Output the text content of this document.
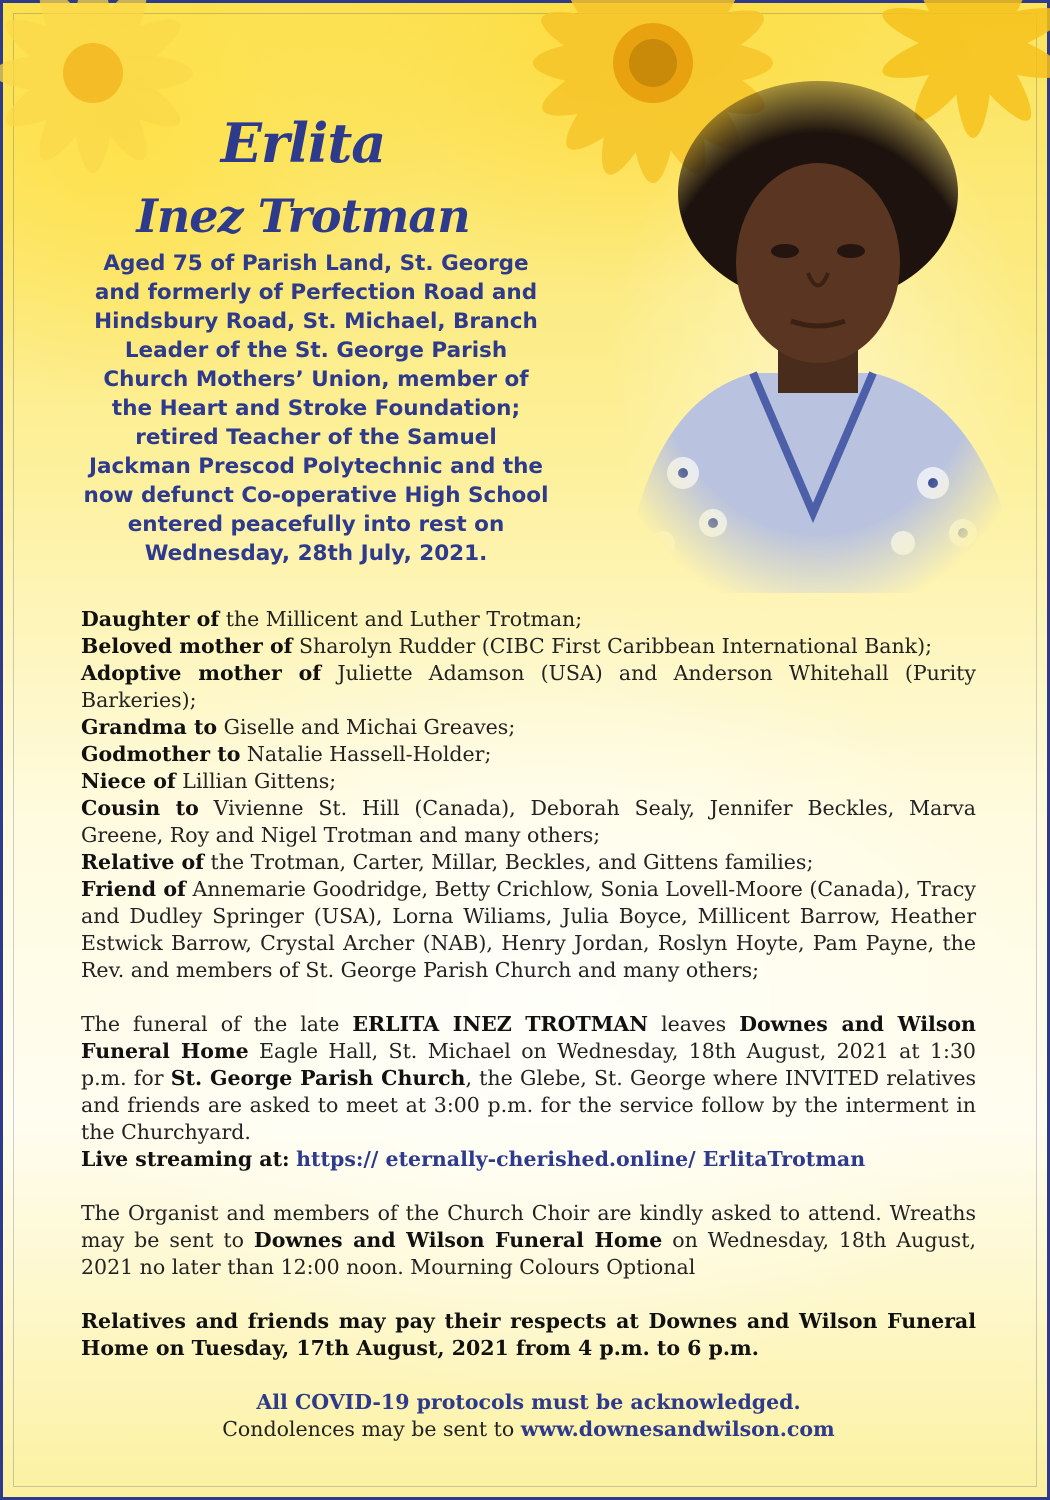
Erlita
Inez Trotman

Aged 75 of Parish Land, St. George and formerly of Perfection Road and Hindsbury Road, St. Michael, Branch Leader of the St. George Parish Church Mothers’ Union, member of the Heart and Stroke Foundation; retired Teacher of the Samuel Jackman Prescod Polytechnic and the now defunct Co-operative High School entered peacefully into rest on Wednesday, 28th July, 2021.

Daughter of the Millicent and Luther Trotman;
Beloved mother of Sharolyn Rudder (CIBC First Caribbean International Bank);
Adoptive mother of Juliette Adamson (USA) and Anderson Whitehall (Purity Barkeries);
Grandma to Giselle and Michai Greaves;
Godmother to Natalie Hassell-Holder;
Niece of Lillian Gittens;
Cousin to Vivienne St. Hill (Canada), Deborah Sealy, Jennifer Beckles, Marva Greene, Roy and Nigel Trotman and many others;
Relative of the Trotman, Carter, Millar, Beckles, and Gittens families;
Friend of Annemarie Goodridge, Betty Crichlow, Sonia Lovell-Moore (Canada), Tracy and Dudley Springer (USA), Lorna Wiliams, Julia Boyce, Millicent Barrow, Heather Estwick Barrow, Crystal Archer (NAB), Henry Jordan, Roslyn Hoyte, Pam Payne, the Rev. and members of St. George Parish Church and many others;

The funeral of the late ERLITA INEZ TROTMAN leaves Downes and Wilson Funeral Home Eagle Hall, St. Michael on Wednesday, 18th August, 2021 at 1:30 p.m. for St. George Parish Church, the Glebe, St. George where INVITED relatives and friends are asked to meet at 3:00 p.m. for the service follow by the interment in the Churchyard.
Live streaming at: https:// eternally-cherished.online/ ErlitaTrotman

The Organist and members of the Church Choir are kindly asked to attend. Wreaths may be sent to Downes and Wilson Funeral Home on Wednesday, 18th August, 2021 no later than 12:00 noon. Mourning Colours Optional

Relatives and friends may pay their respects at Downes and Wilson Funeral Home on Tuesday, 17th August, 2021 from 4 p.m. to 6 p.m.

All COVID-19 protocols must be acknowledged.

Condolences may be sent to www.downesandwilson.com
